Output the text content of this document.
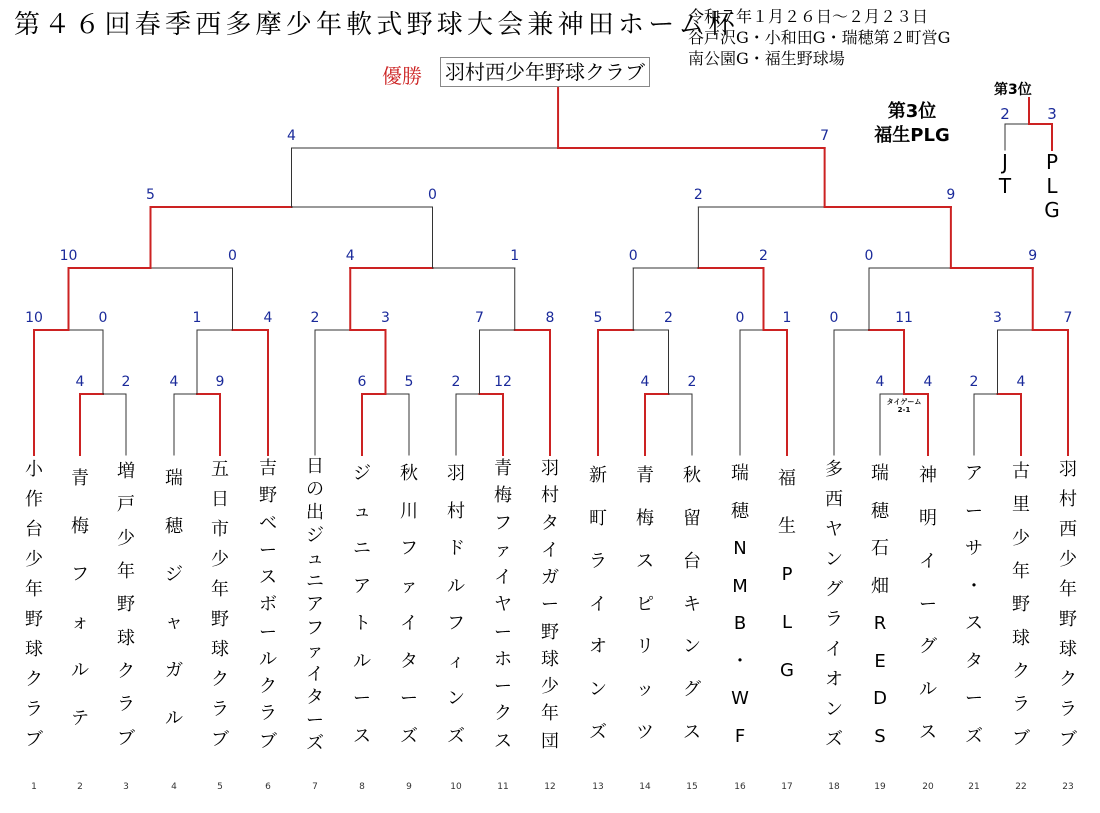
第４６回春季西多摩少年軟式野球大会兼神田ホーム杯
令和７年１月２６日～２月２３日
谷戸沢G・小和田G・瑞穂第２町営G
南公園G・福生野球場
優勝 羽村西少年野球クラブ
第3位
福生PLG
第3位
2	3
J
T
P
L
G
4	2	4	9	6	5	2 12	4	2	4	4	2	4
10	0	1	4	2	3	7	8	5	2	0	1	0	11	3	7
10	0	4	1	0	2	0	9
5	0	2	9
4	7
タイゲーム
2-1
小
作
台
少
年
野
球
ク
ラ
ブ
1
青
梅
フ
ォ
ル
テ
2
増
戸
少
年
野
球
ク
ラ
ブ
3
瑞
穂
ジ
ャ
ガ
ル
4
五
日
市
少
年
野
球
ク
ラ
ブ
5
吉
野
ベ
ー
ス
ボ
ー
ル
ク
ラ
ブ
6
日
の
出
ジ
ュ
ニ
ア
フ
ァ
イ
タ
ー
ズ
7
ジ
ュ
ニ
ア
ト
ル
ー
ス
8
秋
川
フ
ァ
イ
タ
ー
ズ
9
羽
村
ド
ル
フ
ィ
ン
ズ
10
青
梅
フ
ァ
イ
ヤ
ー
ホ
ー
ク
ス
11
羽
村
タ
イ
ガ
ー
野
球
少
年
団
12
新
町
ラ
イ
オ
ン
ズ
13
青
梅
ス
ピ
リ
ッ
ツ
14
秋
留
台
キ
ン
グ
ス
15
瑞
穂
N
M
B
・
W
F
16
福
生
P
L
G
17
多
西
ヤ
ン
グ
ラ
イ
オ
ン
ズ
18
瑞
穂
石
畑
R
E
D
S
19
神
明
イ
ー
グ
ル
ス
20
ア
ー
サ
・
ス
タ
ー
ズ
21
古
里
少
年
野
球
ク
ラ
ブ
22
羽
村
西
少
年
野
球
ク
ラ
ブ
23
